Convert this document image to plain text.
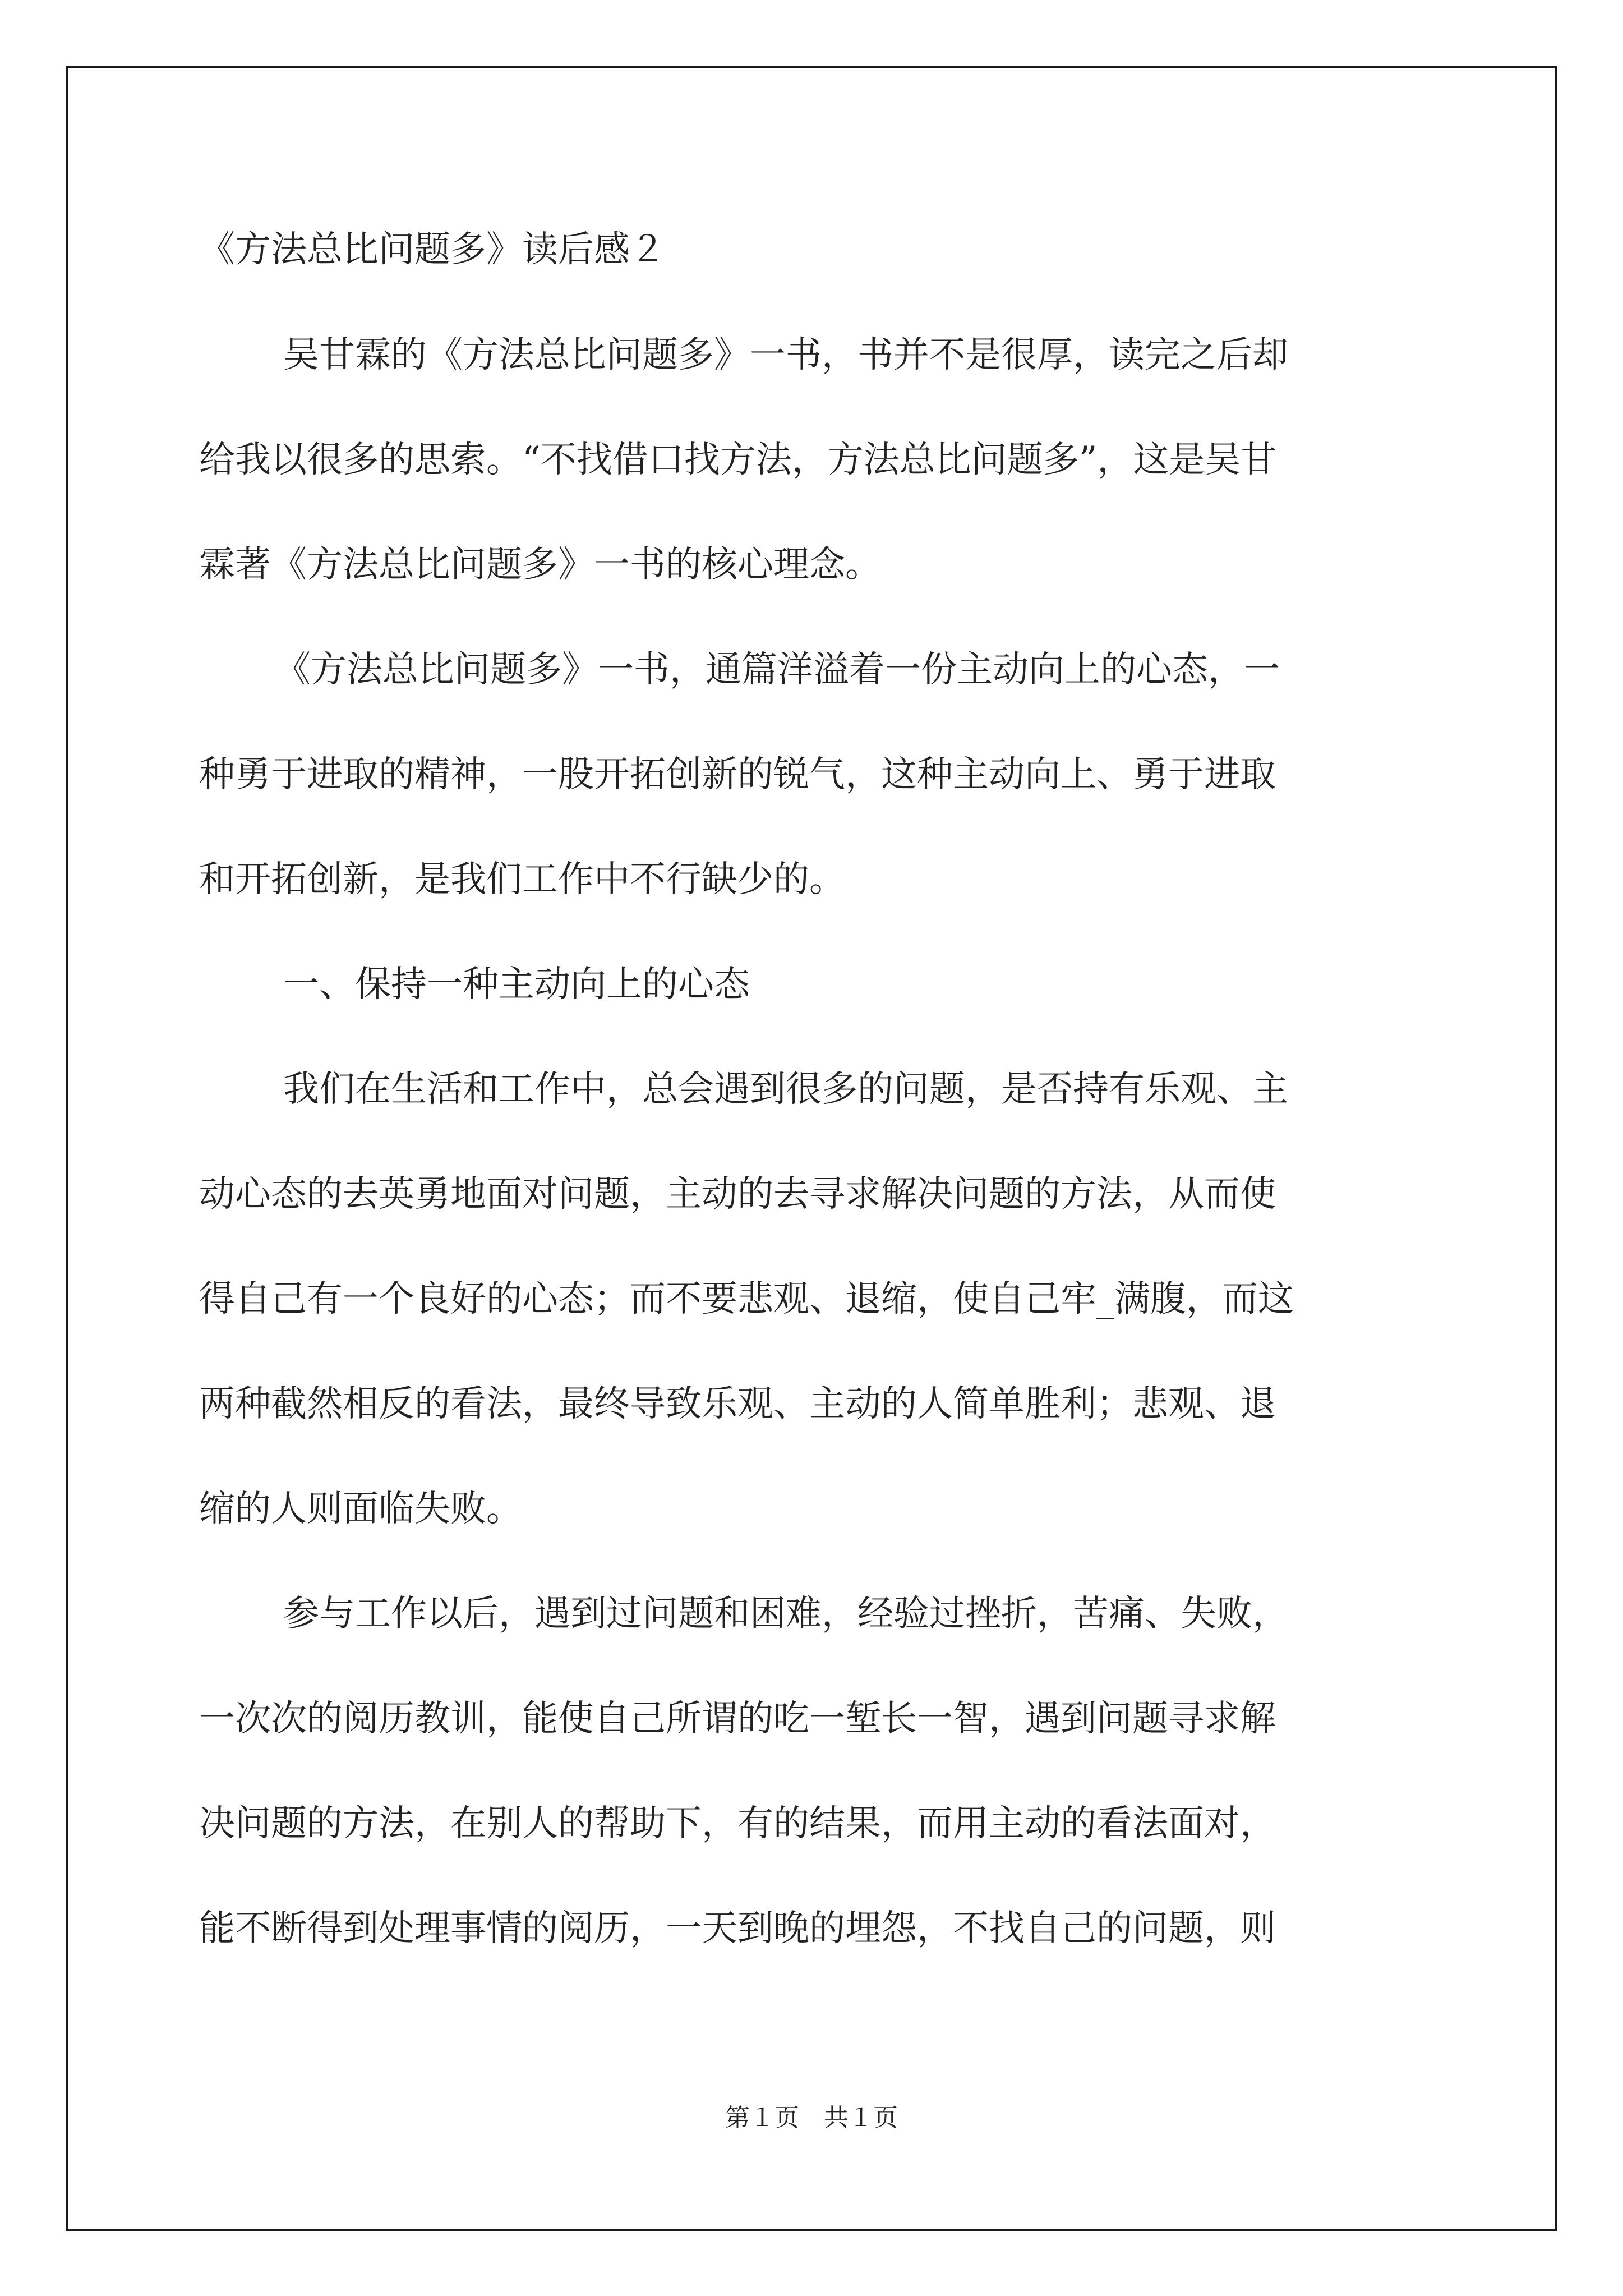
《方法总比问题多》读后感２
吴甘霖的《方法总比问题多》一书，书并不是很厚，读完之后却
给我以很多的思索。“不找借口找方法，方法总比问题多”，这是吴甘
霖著《方法总比问题多》一书的核心理念。
《方法总比问题多》一书，通篇洋溢着一份主动向上的心态，一
种勇于进取的精神，一股开拓创新的锐气，这种主动向上、勇于进取
和开拓创新，是我们工作中不行缺少的。
一、保持一种主动向上的心态
我们在生活和工作中，总会遇到很多的问题，是否持有乐观、主
动心态的去英勇地面对问题，主动的去寻求解决问题的方法，从而使
得自己有一个良好的心态；而不要悲观、退缩，使自己牢_满腹，而这
两种截然相反的看法，最终导致乐观、主动的人简单胜利；悲观、退
缩的人则面临失败。
参与工作以后，遇到过问题和困难，经验过挫折，苦痛、失败，
一次次的阅历教训，能使自己所谓的吃一堑长一智，遇到问题寻求解
决问题的方法，在别人的帮助下，有的结果，而用主动的看法面对，
能不断得到处理事情的阅历，一天到晚的埋怨，不找自己的问题，则
第１页　共１页
